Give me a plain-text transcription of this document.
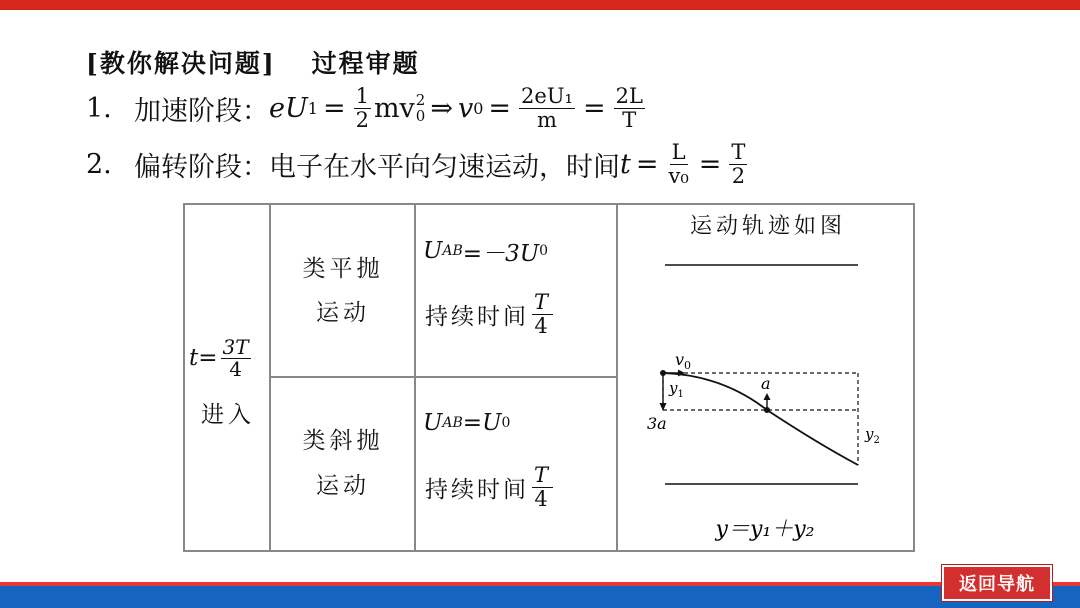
[教你解决问题] 过程审题
1. 加速阶段： e U $1 = \frac{1}{2}$ mv 2
0 ⇒ v $0 = \frac{\text{2eU₁}}{m} = \frac{2L}{T}$
2. 偏转阶段： 电子在水平向匀速运动，时间 $t = \frac{L}{\text{v₀}} = \frac{T}{2}$
$t = \frac{3T}{4}$
进入
类平抛
运动
U AB =－3U 0
持续时间 $\frac{T}{4}$
类斜抛
运动
U AB =U 0
持续时间 $\frac{T}{4}$
运动轨迹如图
$v_0$
$y_1$
a
3a
$y_2$
y＝y₁＋y₂
返回导航
